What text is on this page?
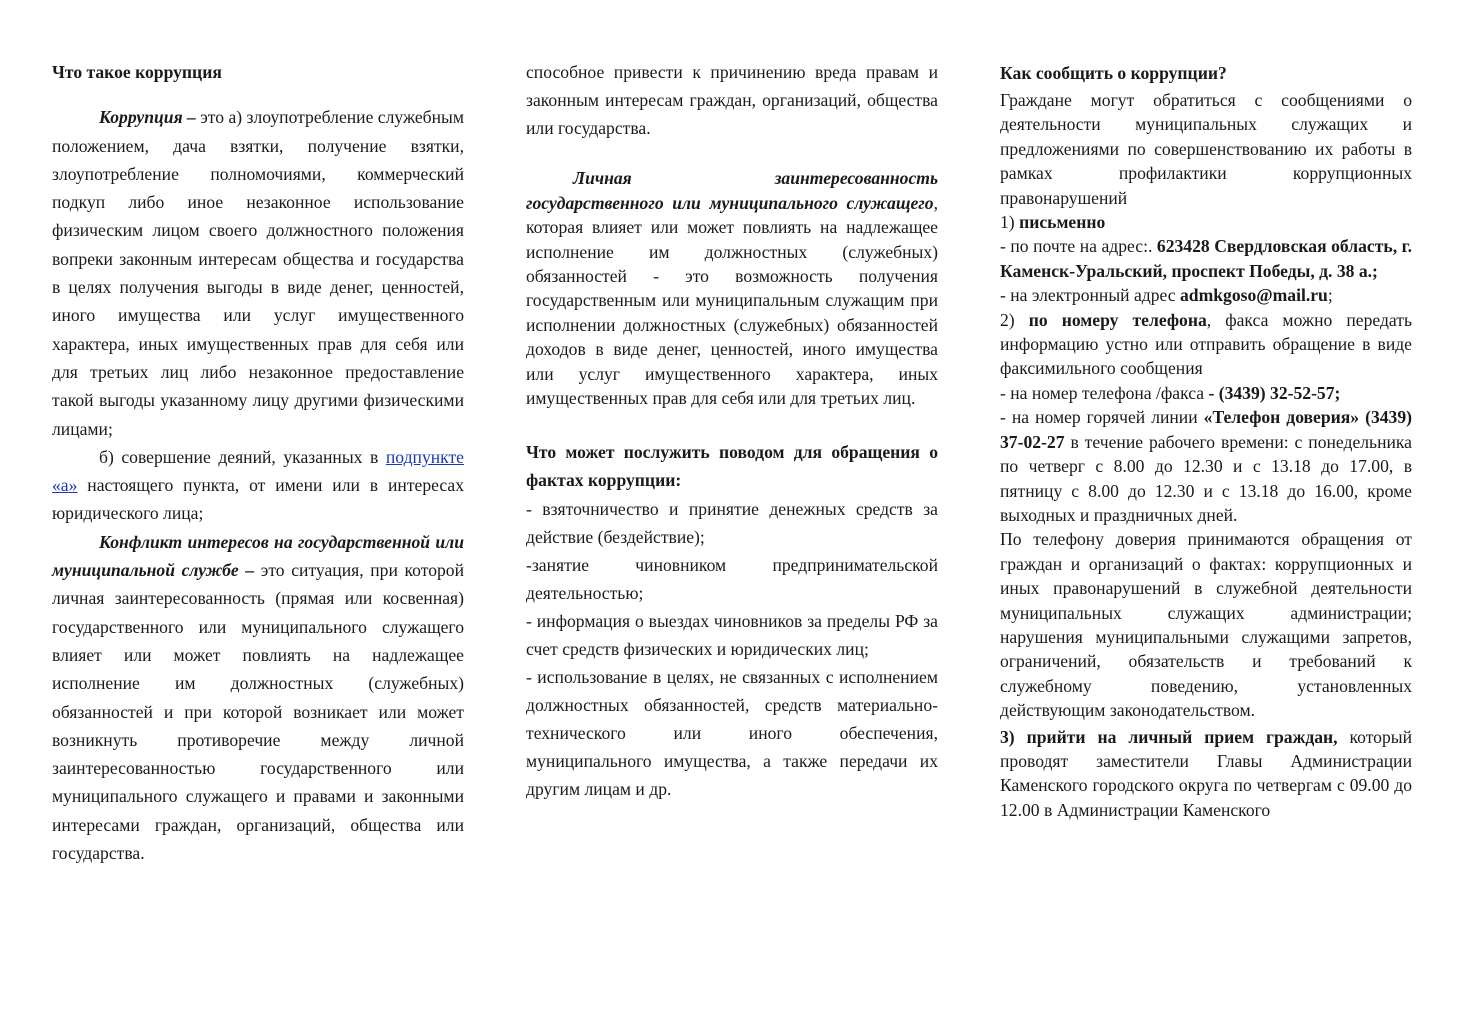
Что такое коррупция

Коррупция – это а) злоупотребление служебным положением, дача взятки, получение взятки, злоупотребление полномочиями, коммерческий подкуп либо иное незаконное использование физическим лицом своего должностного положения вопреки законным интересам общества и государства в целях получения выгоды в виде денег, ценностей, иного имущества или услуг имущественного характера, иных имущественных прав для себя или для третьих лиц либо незаконное предоставление такой выгоды указанному лицу другими физическими лицами;

б) совершение деяний, указанных в подпункте «а» настоящего пункта, от имени или в интересах юридического лица;

Конфликт интересов на государственной или муниципальной службе – это ситуация, при которой личная заинтересованность (прямая или косвенная) государственного или муниципального служащего влияет или может повлиять на надлежащее исполнение им должностных (служебных) обязанностей и при которой возникает или может возникнуть противоречие между личной заинтересованностью государственного или муниципального служащего и правами и законными интересами граждан, организаций, общества или государства.

способное привести к причинению вреда правам и законным интересам граждан, организаций, общества или государства.

Личная заинтересованность государственного или муниципального служащего, которая влияет или может повлиять на надлежащее исполнение им должностных (служебных) обязанностей - это возможность получения государственным или муниципальным служащим при исполнении должностных (служебных) обязанностей доходов в виде денег, ценностей, иного имущества или услуг имущественного характера, иных имущественных прав для себя или для третьих лиц.

Что может послужить поводом для обращения о фактах коррупции:

- взяточничество и принятие денежных средств за действие (бездействие);

-занятие чиновником предпринимательской деятельностью;

- информация о выездах чиновников за пределы РФ за счет средств физических и юридических лиц;

- использование в целях, не связанных с исполнением должностных обязанностей, средств материально-технического или иного обеспечения, муниципального имущества, а также передачи их другим лицам и др.

Как сообщить о коррупции?

Граждане могут обратиться с сообщениями о деятельности муниципальных служащих и предложениями по совершенствованию их работы в рамках профилактики коррупционных правонарушений

1) письменно

- по почте на адрес:. 623428 Свердловская область, г. Каменск-Уральский, проспект Победы, д. 38 а.;

- на электронный адрес admkgoso@mail.ru;

2) по номеру телефона, факса можно передать информацию устно или отправить обращение в виде факсимильного сообщения

- на номер телефона /факса - (3439) 32-52-57;

- на номер горячей линии «Телефон доверия» (3439) 37-02-27 в течение рабочего времени: с понедельника по четверг с 8.00 до 12.30 и с 13.18 до 17.00, в пятницу с 8.00 до 12.30 и с 13.18 до 16.00, кроме выходных и праздничных дней.

По телефону доверия принимаются обращения от граждан и организаций о фактах: коррупционных и иных правонарушений в служебной деятельности муниципальных служащих администрации; нарушения муниципальными служащими запретов, ограничений, обязательств и требований к служебному поведению, установленных действующим законодательством.

3) прийти на личный прием граждан, который проводят заместители Главы Администрации Каменского городского округа по четвергам с 09.00 до 12.00 в Администрации Каменского
